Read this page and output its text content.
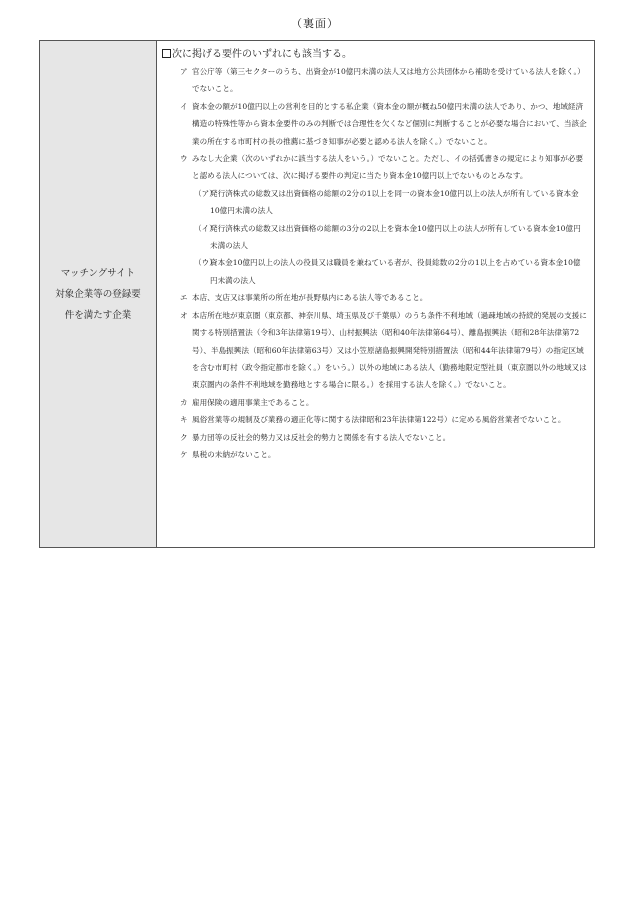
（裏面）
マッチングサイト
対象企業等の登録要
件を満たす企業
次に掲げる要件のいずれにも該当する。
ア 官公庁等（第三セクターのうち、出資金が10億円未満の法人又は地方公共団体から補助を受けている法人を除く。）でないこと。
イ 資本金の額が10億円以上の営利を目的とする私企業（資本金の額が概ね50億円未満の法人であり、かつ、地域経済構造の特殊性等から資本金要件のみの判断では合理性を欠くなど個別に判断することが必要な場合において、当該企業の所在する市町村の長の推薦に基づき知事が必要と認める法人を除く。）でないこと。
ウ みなし大企業（次のいずれかに該当する法人をいう。）でないこと。ただし、イの括弧書きの規定により知事が必要と認める法人については、次に掲げる要件の判定に当たり資本金10億円以上でないものとみなす。
（ア）発行済株式の総数又は出資価格の総額の2分の1以上を同一の資本金10億円以上の法人が所有している資本金10億円未満の法人
（イ）発行済株式の総数又は出資価格の総額の3分の2以上を資本金10億円以上の法人が所有している資本金10億円未満の法人
（ウ）資本金10億円以上の法人の役員又は職員を兼ねている者が、役員総数の2分の1以上を占めている資本金10億円未満の法人
エ 本店、支店又は事業所の所在地が長野県内にある法人等であること。
オ 本店所在地が東京圏（東京都、神奈川県、埼玉県及び千葉県）のうち条件不利地域（過疎地域の持続的発展の支援に関する特別措置法（令和3年法律第19号）、山村振興法（昭和40年法律第64号）、離島振興法（昭和28年法律第72号）、半島振興法（昭和60年法律第63号）又は小笠原諸島振興開発特別措置法（昭和44年法律第79号）の指定区域を含む市町村（政令指定都市を除く。）をいう。）以外の地域にある法人（勤務地限定型社員（東京圏以外の地域又は東京圏内の条件不利地域を勤務地とする場合に限る。）を採用する法人を除く。）でないこと。
カ 雇用保険の適用事業主であること。
キ 風俗営業等の規制及び業務の適正化等に関する法律昭和23年法律第122号）に定める風俗営業者でないこと。
ク 暴力団等の反社会的勢力又は反社会的勢力と関係を有する法人でないこと。
ケ 県税の未納がないこと。
